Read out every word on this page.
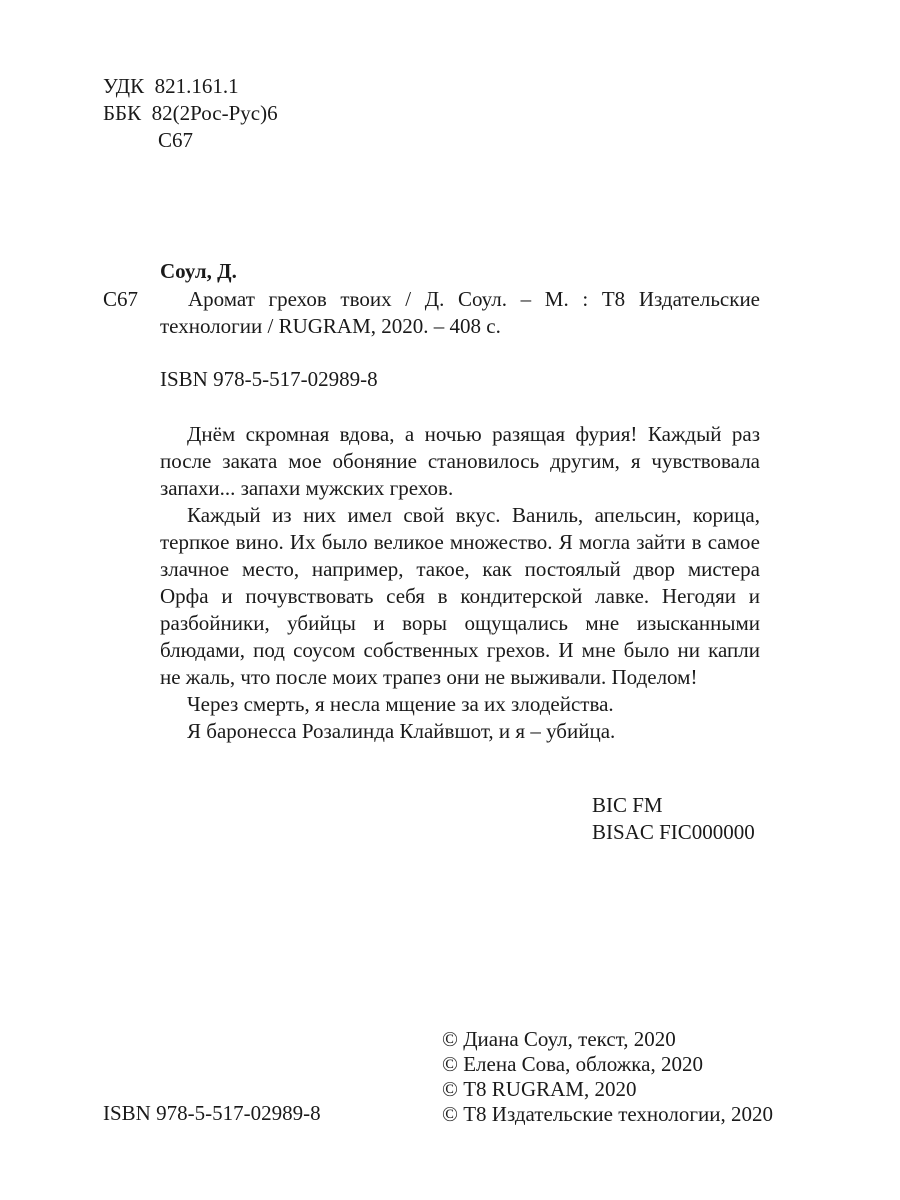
УДК  821.161.1
ББК  82(2Рос-Рус)6
С67
Соул, Д.
С67 Аромат грехов твоих / Д. Соул. – М. : Т8 Издательские
технологии / RUGRAM, 2020. – 408 с.
ISBN 978-5-517-02989-8

Днём скромная вдова, а ночью разящая фурия! Каждый раз после заката мое обоняние становилось другим, я чувствовала запахи... запахи мужских грехов.

Каждый из них имел свой вкус. Ваниль, апельсин, корица, терпкое вино. Их было великое множество. Я могла зайти в самое злачное место, например, такое, как постоялый двор мистера Орфа и почувствовать себя в кондитерской лавке. Негодяи и разбойники, убийцы и воры ощущались мне изысканными блюдами, под соусом собственных грехов. И мне было ни капли не жаль, что после моих трапез они не выживали. Поделом!

Через смерть, я несла мщение за их злодейства.

Я баронесса Розалинда Клайвшот, и я – убийца.

BIC FM
BISAC FIC000000
ISBN 978-5-517-02989-8
© Диана Соул, текст, 2020
© Елена Сова, обложка, 2020
© Т8 RUGRAM, 2020
© Т8 Издательские технологии, 2020
